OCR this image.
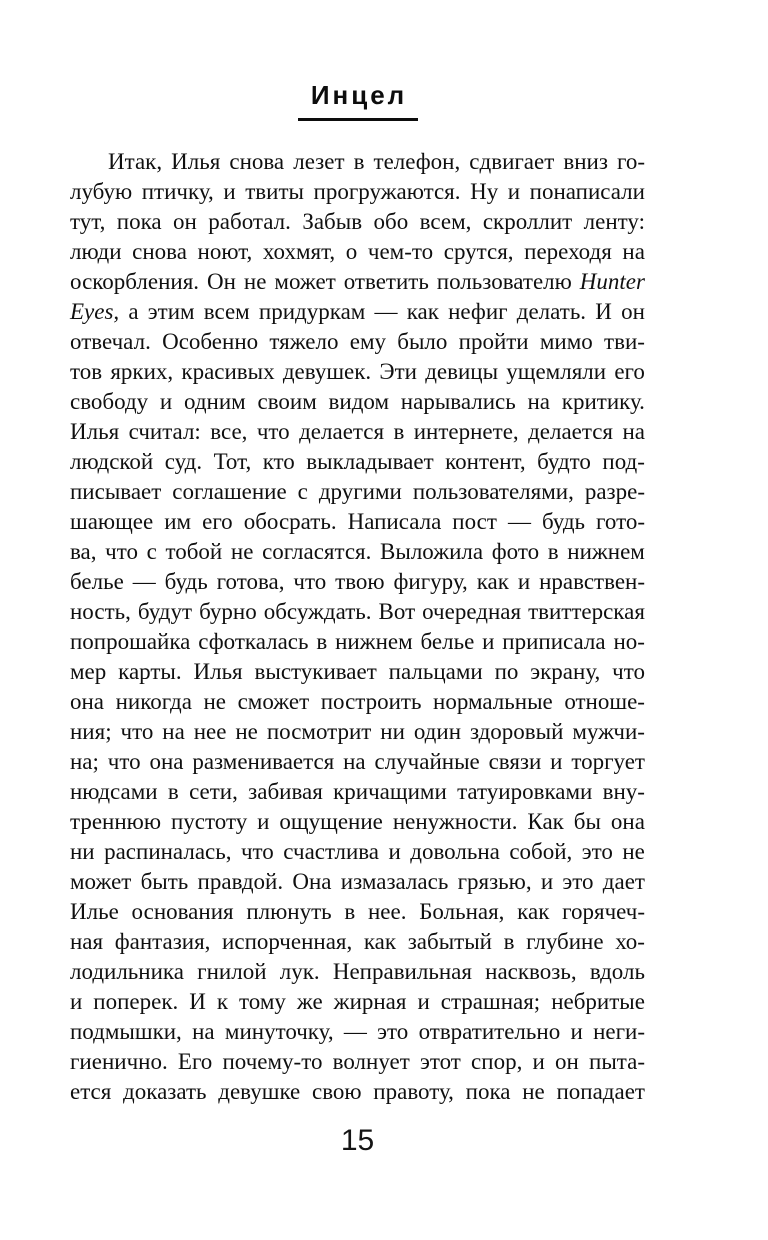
Инцел
Итак, Илья снова лезет в телефон, сдвигает вниз го-
лубую птичку, и твиты прогружаются. Ну и понаписали
тут, пока он работал. Забыв обо всем, скроллит ленту:
люди снова ноют, хохмят, о чем-то срутся, переходя на
оскорбления. Он не может ответить пользователю Hunter
Eyes, а этим всем придуркам — как нефиг делать. И он
отвечал. Особенно тяжело ему было пройти мимо тви-
тов ярких, красивых девушек. Эти девицы ущемляли его
свободу и одним своим видом нарывались на критику.
Илья считал: все, что делается в интернете, делается на
людской суд. Тот, кто выкладывает контент, будто под-
писывает соглашение с другими пользователями, разре-
шающее им его обосрать. Написала пост — будь гото-
ва, что с тобой не согласятся. Выложила фото в нижнем
белье — будь готова, что твою фигуру, как и нравствен-
ность, будут бурно обсуждать. Вот очередная твиттерская
попрошайка сфоткалась в нижнем белье и приписала но-
мер карты. Илья выстукивает пальцами по экрану, что
она никогда не сможет построить нормальные отноше-
ния; что на нее не посмотрит ни один здоровый мужчи-
на; что она разменивается на случайные связи и торгует
нюдсами в сети, забивая кричащими татуировками вну-
треннюю пустоту и ощущение ненужности. Как бы она
ни распиналась, что счастлива и довольна собой, это не
может быть правдой. Она измазалась грязью, и это дает
Илье основания плюнуть в нее. Больная, как горячеч-
ная фантазия, испорченная, как забытый в глубине хо-
лодильника гнилой лук. Неправильная насквозь, вдоль
и поперек. И к тому же жирная и страшная; небритые
подмышки, на минуточку, — это отвратительно и неги-
гиенично. Его почему-то волнует этот спор, и он пыта-
ется доказать девушке свою правоту, пока не попадает
15
